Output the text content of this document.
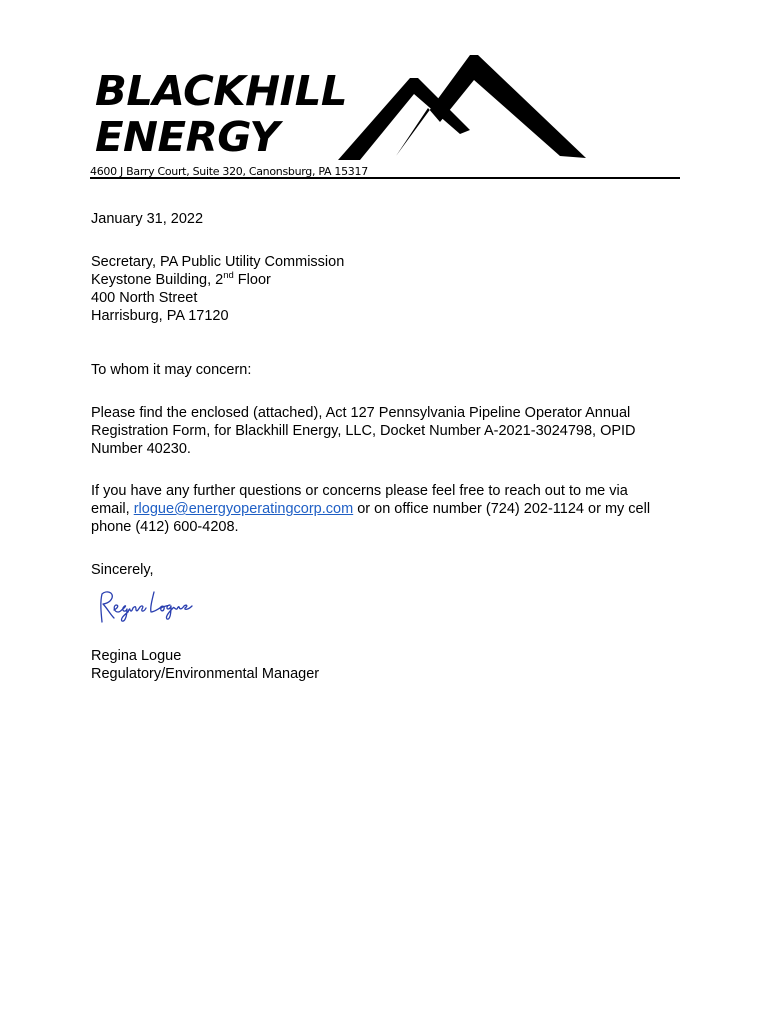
BLACKHILL
ENERGY
4600 J Barry Court, Suite 320, Canonsburg, PA 15317
January 31, 2022
Secretary, PA Public Utility Commission
Keystone Building, 2nd Floor
400 North Street
Harrisburg, PA 17120
To whom it may concern:
Please find the enclosed (attached), Act 127 Pennsylvania Pipeline Operator Annual
Registration Form, for Blackhill Energy, LLC, Docket Number A-2021-3024798, OPID
Number 40230.
If you have any further questions or concerns please feel free to reach out to me via
email, rlogue@energyoperatingcorp.com or on office number (724) 202-1124 or my cell
phone (412) 600-4208.
Sincerely,
Regina Logue
Regulatory/Environmental Manager
